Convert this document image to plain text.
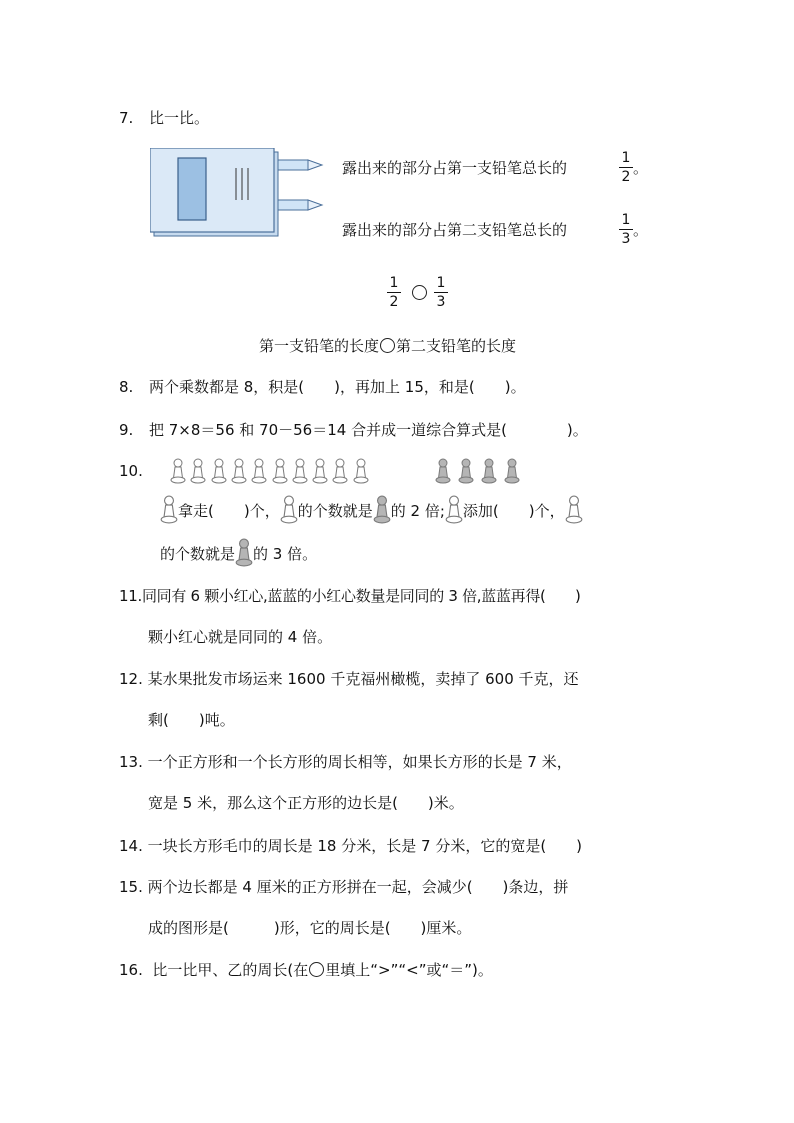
7. 比一比。
露出来的部分占第一支铅笔总长的
1
2 。
露出来的部分占第二支铅笔总长的
1
3 。
1
2
1
3
第一支铅笔的长度 第二支铅笔的长度
8. 两个乘数都是 8，积是(　　)，再加上 15，和是(　　)。
9. 把 7×8＝56 和 70－56＝14 合并成一道综合算式是(　　　　)。
10.
拿走(　　)个， 的个数就是 的 2 倍; 添加(　　)个，
的个数就是 的 3 倍。
11.同同有 6 颗小红心,蓝蓝的小红心数量是同同的 3 倍,蓝蓝再得(　　)
颗小红心就是同同的 4 倍。
12. 某水果批发市场运来 1600 千克福州橄榄，卖掉了 600 千克，还
剩(　　)吨。
13. 一个正方形和一个长方形的周长相等，如果长方形的长是 7 米，
宽是 5 米，那么这个正方形的边长是(　　)米。
14. 一块长方形毛巾的周长是 18 分米，长是 7 分米，它的宽是(　　)
15. 两个边长都是 4 厘米的正方形拼在一起，会减少(　　)条边，拼
成的图形是(　　　)形，它的周长是(　　)厘米。
16. 比一比甲、乙的周长(在 里填上“>”“<”或“＝”)。
